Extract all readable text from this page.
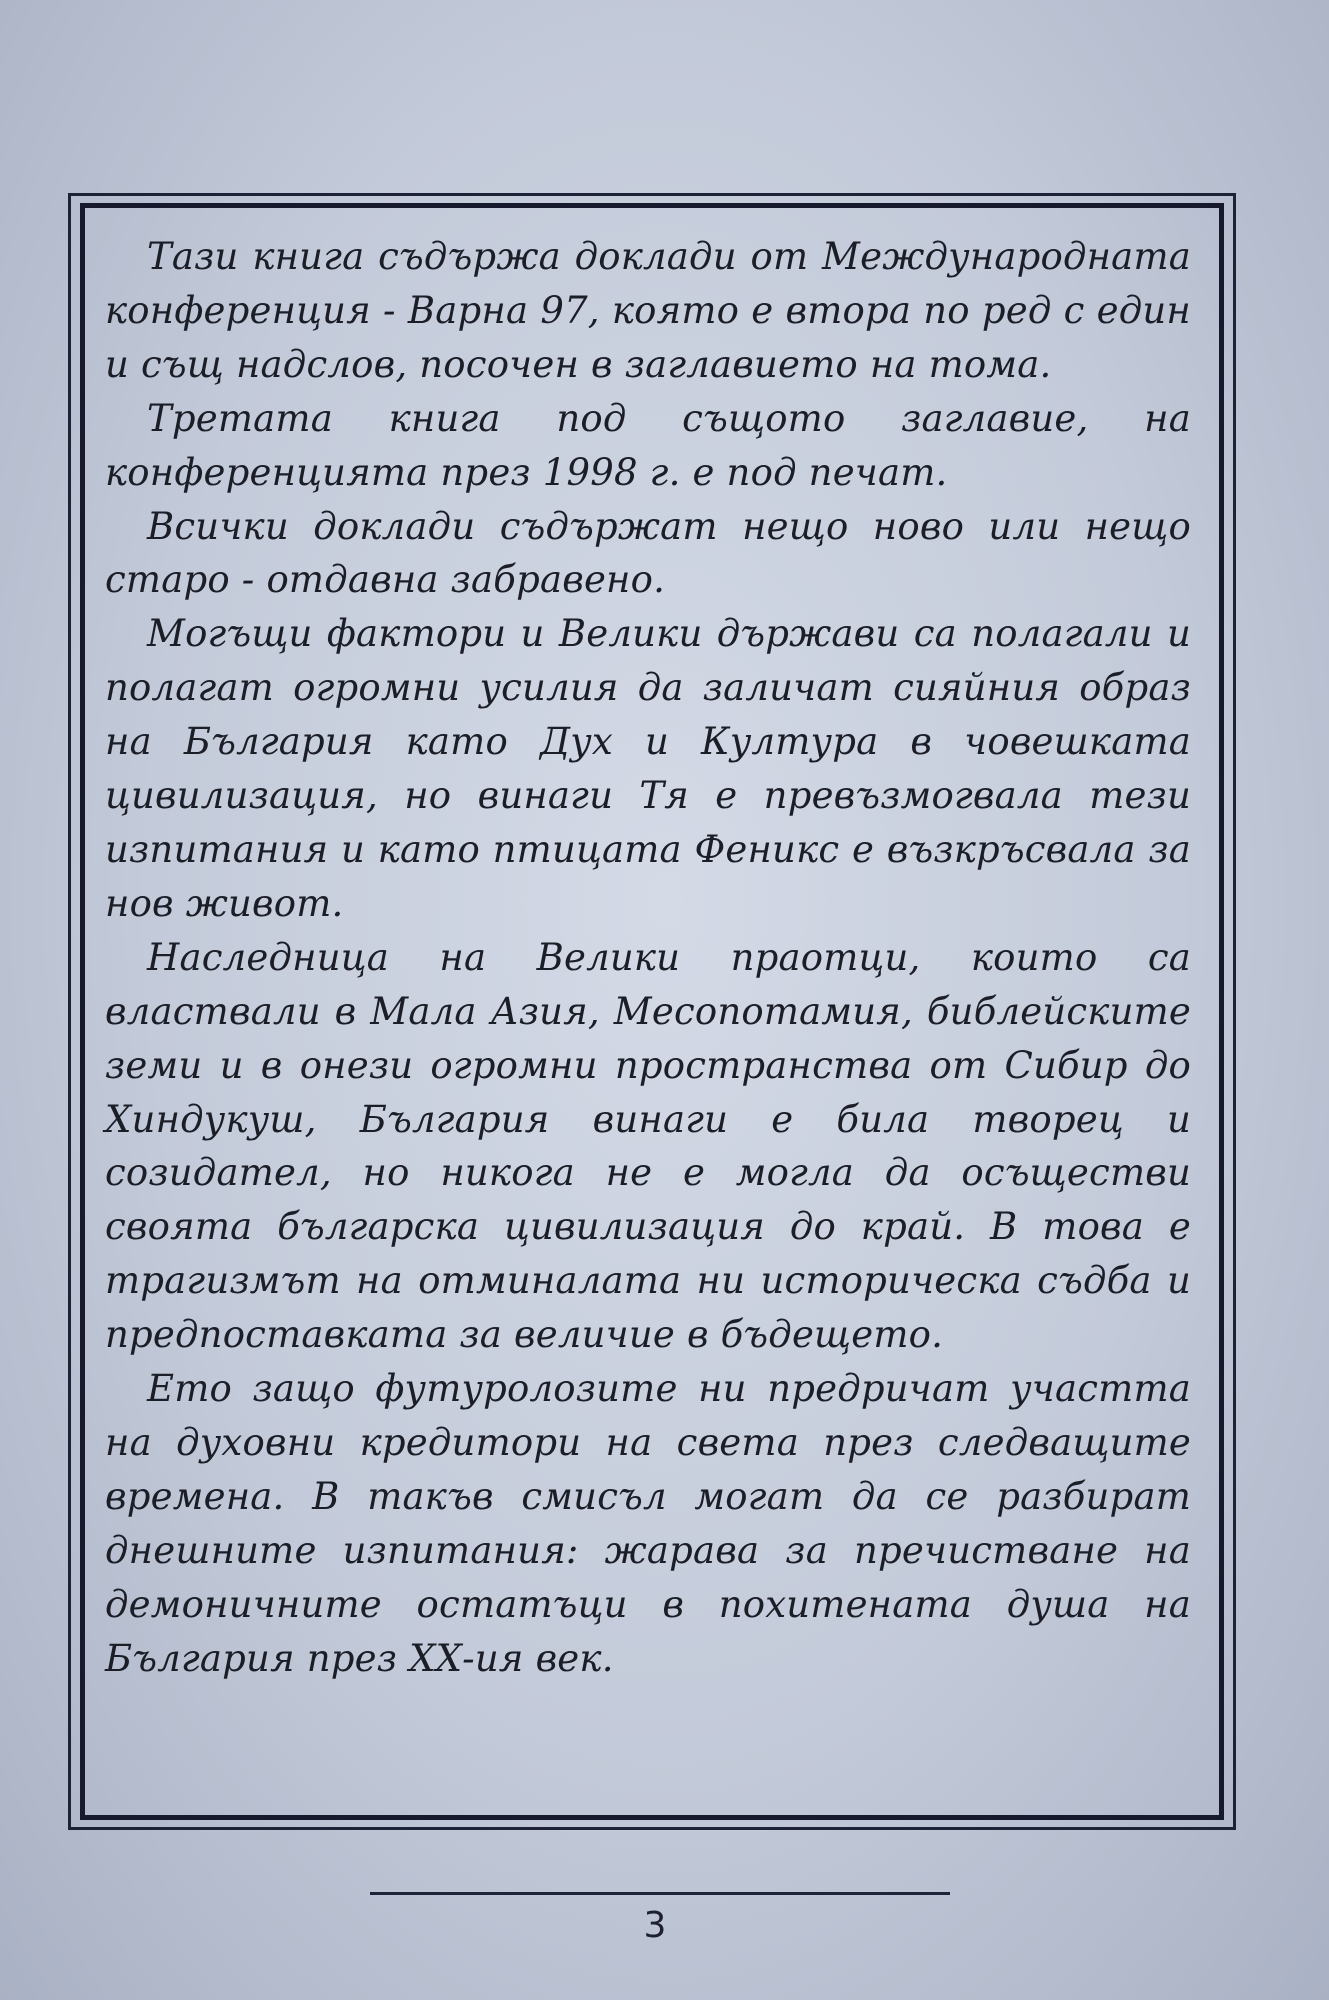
Тази книга съдържа доклади от Международната конференция - Варна 97, която е втора по ред с един и същ надслов, посочен в заглавието на тома.

Третата книга под същото заглавие, на конференцията през 1998 г. е под печат.

Всички доклади съдържат нещо ново или нещо старо - отдавна забравено.

Могъщи фактори и Велики държави са полагали и полагат огромни усилия да заличат сияйния образ на България като Дух и Култура в човешката цивилизация, но винаги Тя е превъзмогвала тези изпитания и като птицата Феникс е възкръсвала за нов живот.

Наследница на Велики праотци, които са властвали в Мала Азия, Месопотамия, библейските земи и в онези огромни пространства от Сибир до Хиндукуш, България винаги е била творец и созидател, но никога не е могла да осъществи своята българска цивилизация до край. В това е трагизмът на отминалата ни историческа съдба и предпоставката за величие в бъдещето.

Ето защо футуролозите ни предричат участта на духовни кредитори на света през следващите времена. В такъв смисъл могат да се разбират днешните изпитания: жарава за пречистване на демоничните остатъци в похитената душа на България през ХХ-ия век.

3
